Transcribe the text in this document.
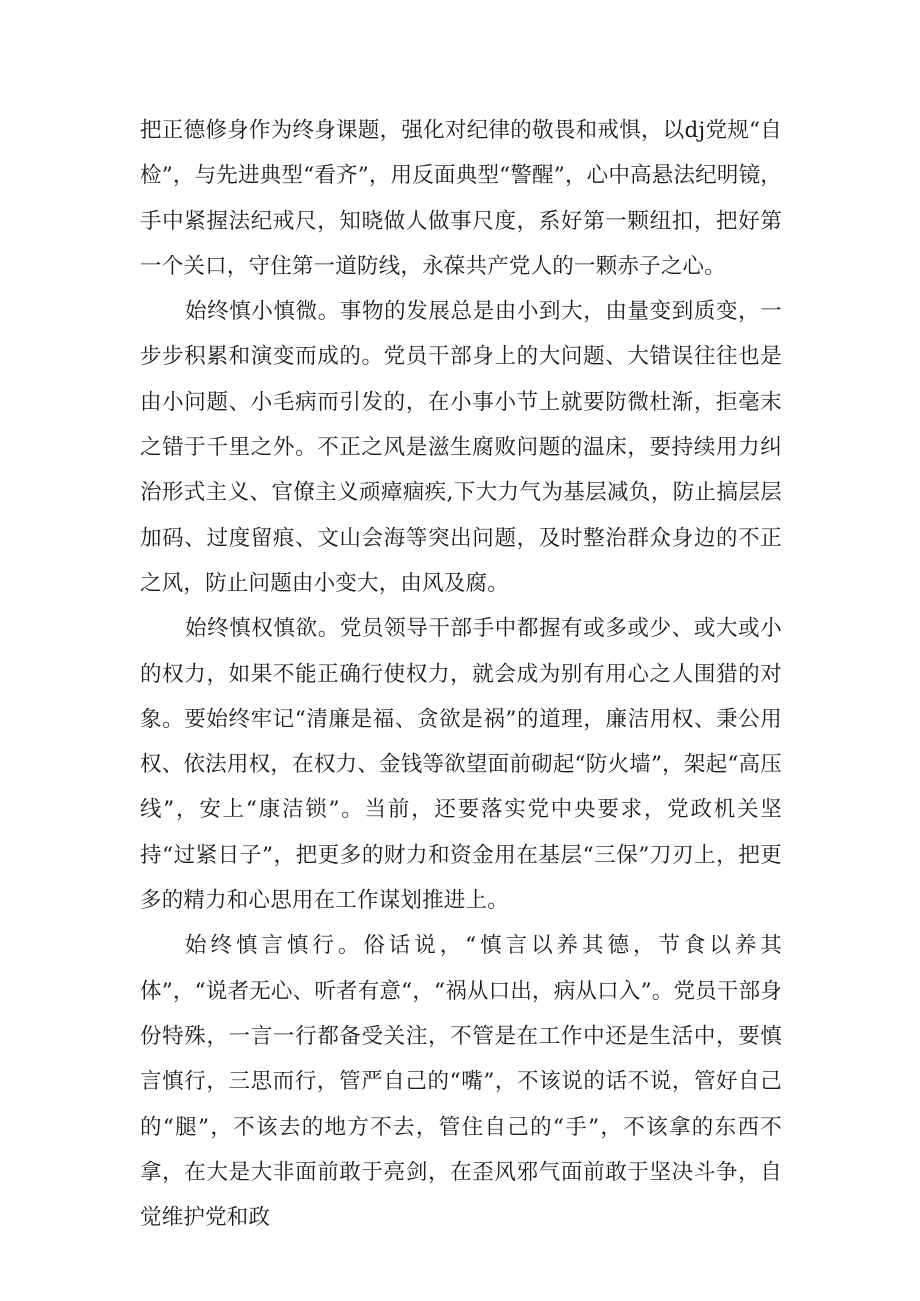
把正德修身作为终身课题，强化对纪律的敬畏和戒惧，以dj党规“自检”，与先进典型“看齐”，用反面典型“警醒”，心中高悬法纪明镜，手中紧握法纪戒尺，知晓做人做事尺度，系好第一颗纽扣，把好第一个关口，守住第一道防线，永葆共产党人的一颗赤子之心。

始终慎小慎微。事物的发展总是由小到大，由量变到质变，一步步积累和演变而成的。党员干部身上的大问题、大错误往往也是由小问题、小毛病而引发的，在小事小节上就要防微杜渐，拒毫末之错于千里之外。不正之风是滋生腐败问题的温床，要持续用力纠治形式主义、官僚主义顽瘴痼疾,下大力气为基层减负，防止搞层层加码、过度留痕、文山会海等突出问题，及时整治群众身边的不正之风，防止问题由小变大，由风及腐。

始终慎权慎欲。党员领导干部手中都握有或多或少、或大或小的权力，如果不能正确行使权力，就会成为别有用心之人围猎的对象。要始终牢记“清廉是福、贪欲是祸”的道理，廉洁用权、秉公用权、依法用权，在权力、金钱等欲望面前砌起“防火墙”，架起“高压线”，安上“康洁锁”。当前，还要落实党中央要求，党政机关坚持“过紧日子”，把更多的财力和资金用在基层“三保”刀刃上，把更多的精力和心思用在工作谋划推进上。

始终慎言慎行。俗话说，“慎言以养其德，节食以养其体”，“说者无心、听者有意“，“祸从口出，病从口入”。党员干部身份特殊，一言一行都备受关注，不管是在工作中还是生活中，要慎言慎行，三思而行，管严自己的“嘴”，不该说的话不说，管好自己的“腿”，不该去的地方不去，管住自己的“手”，不该拿的东西不拿，在大是大非面前敢于亮剑，在歪风邪气面前敢于坚决斗争，自觉维护党和政
